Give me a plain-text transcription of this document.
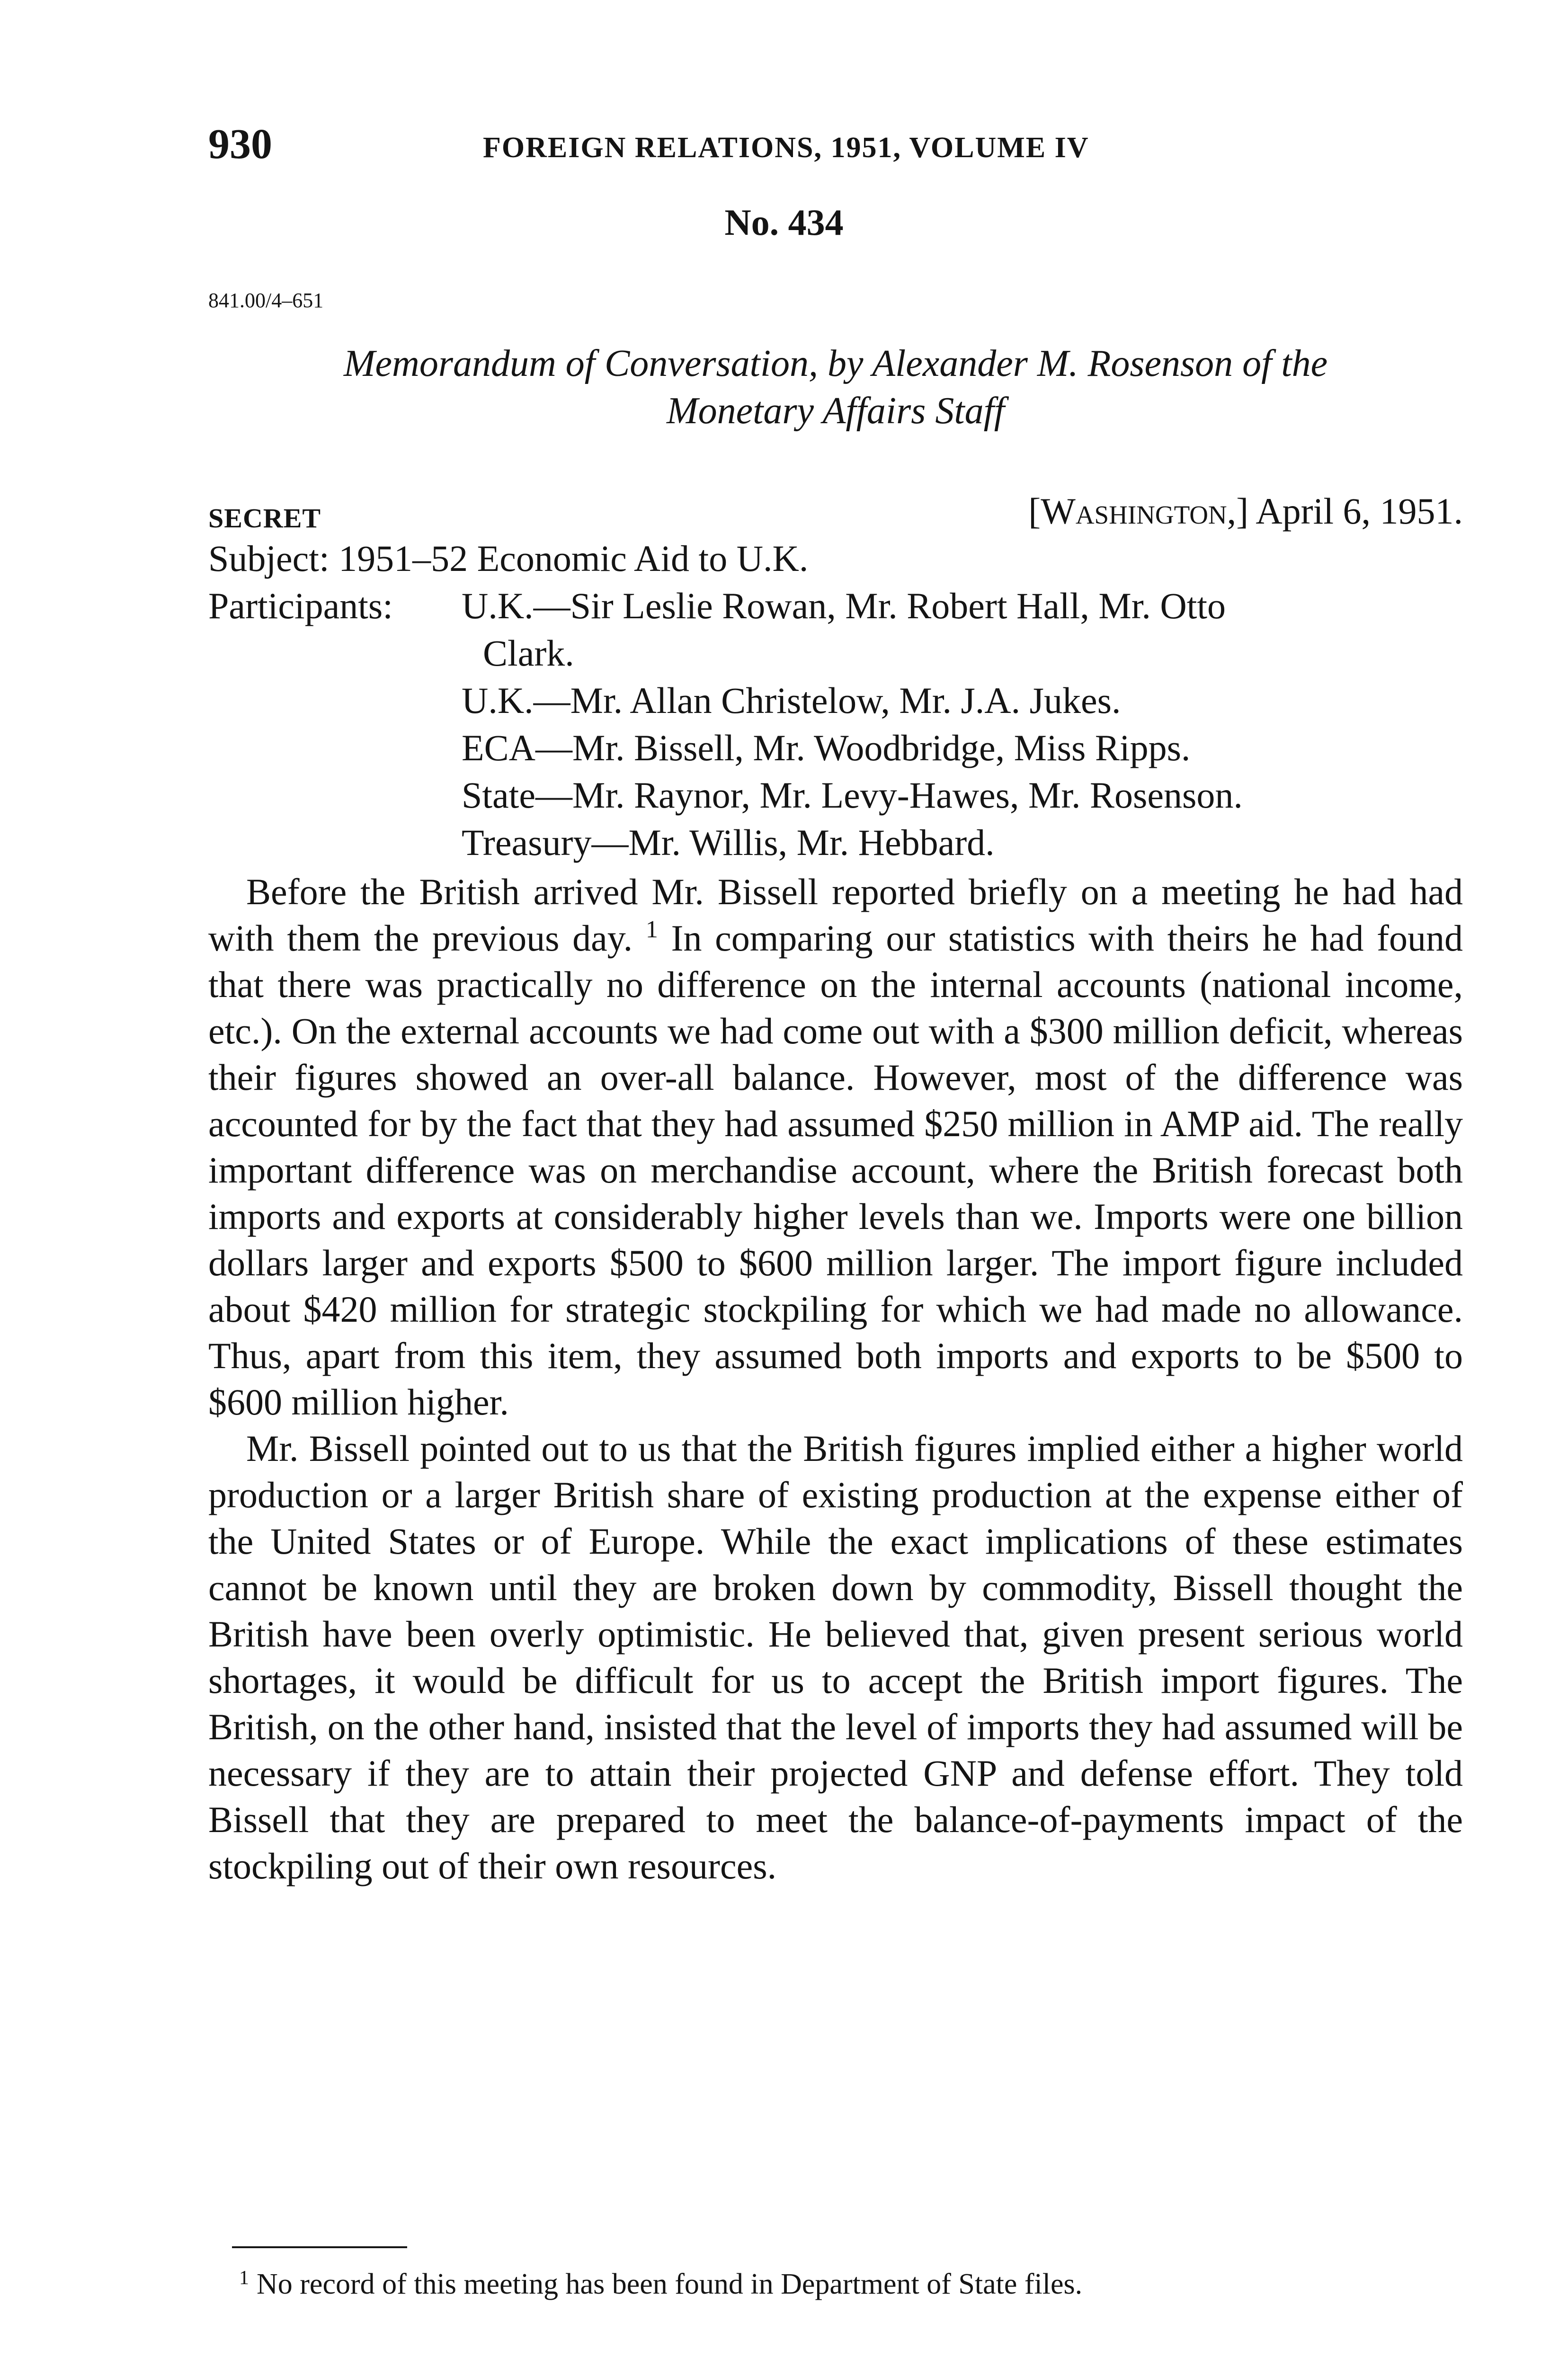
930	FOREIGN RELATIONS, 1951, VOLUME IV
No. 434
841.00/4–651
Memorandum of Conversation, by Alexander M. Rosenson of the
Monetary Affairs Staff
SECRET	[Washington,] April 6, 1951.
Subject: 1951–52 Economic Aid to U.K.
Participants: U.K.—Sir Leslie Rowan, Mr. Robert Hall, Mr. Otto
Clark.
U.K.—Mr. Allan Christelow, Mr. J.A. Jukes.
ECA—Mr. Bissell, Mr. Woodbridge, Miss Ripps.
State—Mr. Raynor, Mr. Levy-Hawes, Mr. Rosenson.
Treasury—Mr. Willis, Mr. Hebbard.

Before the British arrived Mr. Bissell reported briefly on a meeting he had had with them the previous day. $^1$ In comparing our statistics with theirs he had found that there was practically no difference on the internal accounts (national income, etc.). On the external accounts we had come out with a $300 million deficit, whereas their figures showed an over-all balance. However, most of the difference was accounted for by the fact that they had assumed $250 million in AMP aid. The really important difference was on merchandise account, where the British forecast both imports and exports at considerably higher levels than we. Imports were one billion dollars larger and exports $500 to $600 million larger. The import figure included about $420 million for strategic stockpiling for which we had made no allowance. Thus, apart from this item, they assumed both imports and exports to be $500 to $600 million higher.

Mr. Bissell pointed out to us that the British figures implied either a higher world production or a larger British share of existing production at the expense either of the United States or of Europe. While the exact implications of these estimates cannot be known until they are broken down by commodity, Bissell thought the British have been overly optimistic. He believed that, given present serious world shortages, it would be difficult for us to accept the British import figures. The British, on the other hand, insisted that the level of imports they had assumed will be necessary if they are to attain their projected GNP and defense effort. They told Bissell that they are prepared to meet the balance-of-payments impact of the stockpiling out of their own resources.

$^1$ No record of this meeting has been found in Department of State files.
